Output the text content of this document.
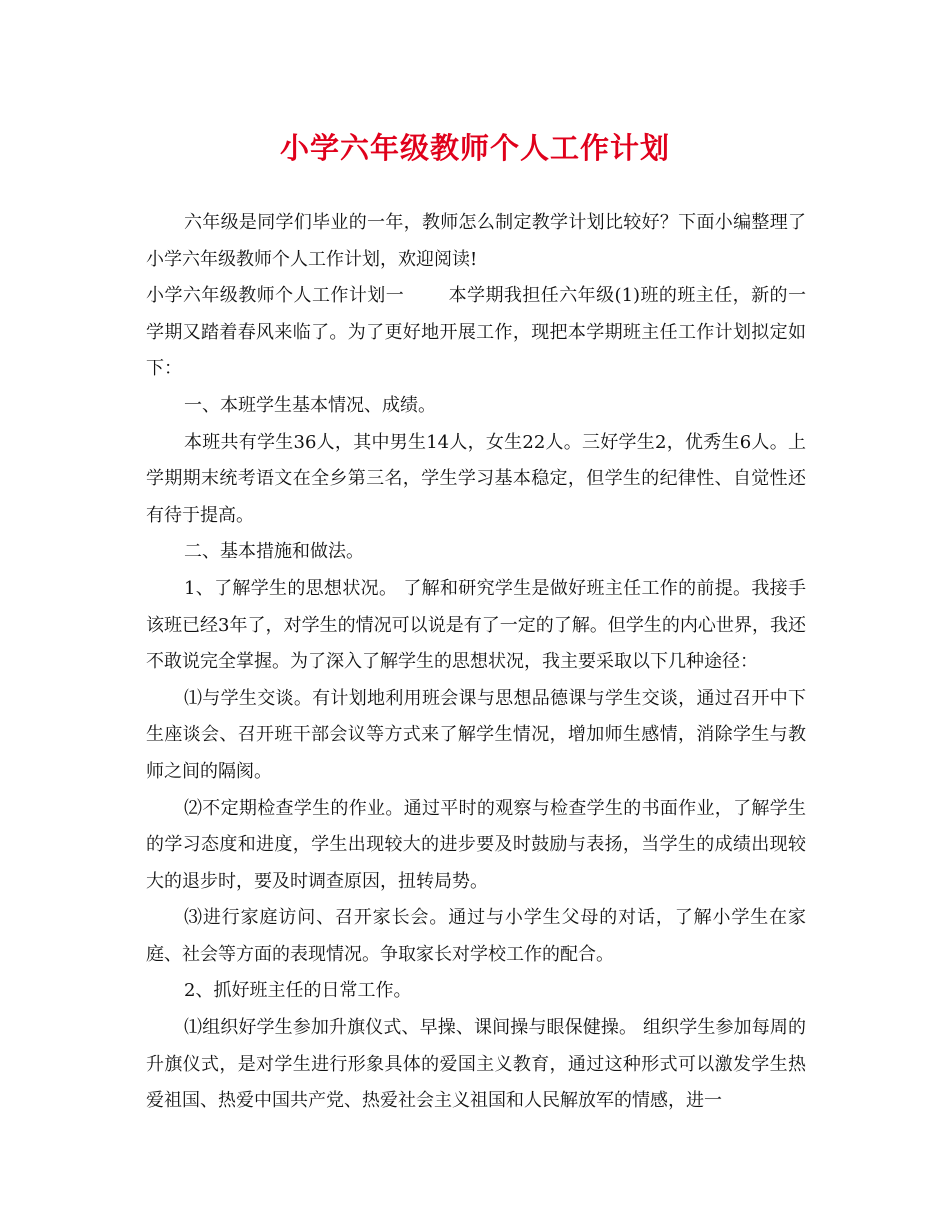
小学六年级教师个人工作计划

六年级是同学们毕业的一年，教师怎么制定教学计划比较好？下面小编整理了小学六年级教师个人工作计划，欢迎阅读!

小学六年级教师个人工作计划一 本学期我担任六年级(1)班的班主任，新的一学期又踏着春风来临了。为了更好地开展工作，现把本学期班主任工作计划拟定如下：

一、本班学生基本情况、成绩。

本班共有学生36人，其中男生14人，女生22人。三好学生2，优秀生6人。上学期期末统考语文在全乡第三名，学生学习基本稳定，但学生的纪律性、自觉性还有待于提高。

二、基本措施和做法。

1、了解学生的思想状况。 了解和研究学生是做好班主任工作的前提。我接手该班已经3年了，对学生的情况可以说是有了一定的了解。但学生的内心世界，我还不敢说完全掌握。为了深入了解学生的思想状况，我主要采取以下几种途径：

⑴与学生交谈。有计划地利用班会课与思想品德课与学生交谈，通过召开中下生座谈会、召开班干部会议等方式来了解学生情况，增加师生感情，消除学生与教师之间的隔阂。

⑵不定期检查学生的作业。通过平时的观察与检查学生的书面作业，了解学生的学习态度和进度，学生出现较大的进步要及时鼓励与表扬，当学生的成绩出现较大的退步时，要及时调查原因，扭转局势。

⑶进行家庭访问、召开家长会。通过与小学生父母的对话，了解小学生在家庭、社会等方面的表现情况。争取家长对学校工作的配合。

2、抓好班主任的日常工作。

⑴组织好学生参加升旗仪式、早操、课间操与眼保健操。 组织学生参加每周的升旗仪式，是对学生进行形象具体的爱国主义教育，通过这种形式可以激发学生热爱祖国、热爱中国共产党、热爱社会主义祖国和人民解放军的情感，进一
